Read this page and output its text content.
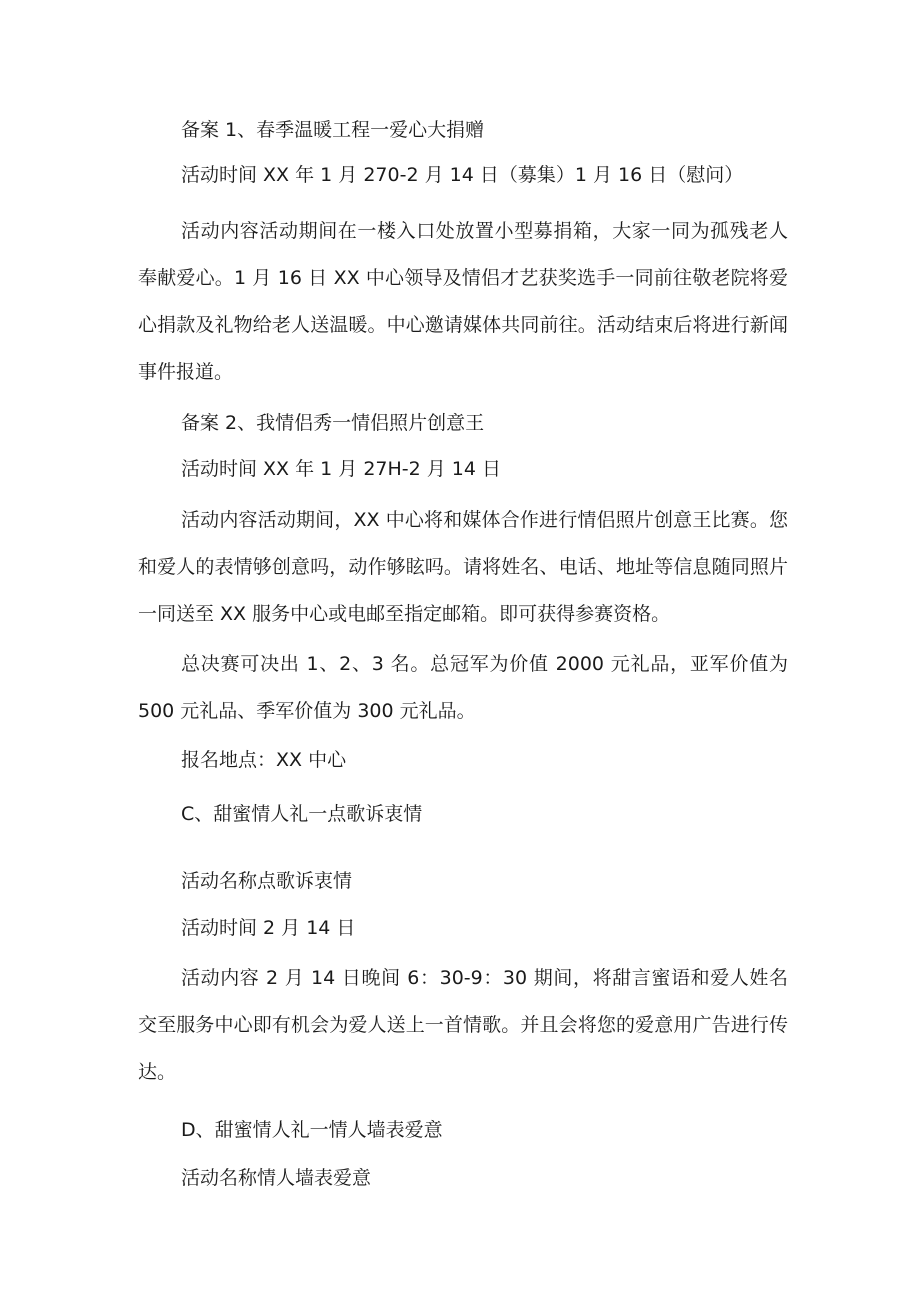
备案 1、春季温暖工程一爱心大捐赠

活动时间 XX 年 1 月 270-2 月 14 日（募集）1 月 16 日（慰问）

活动内容活动期间在一楼入口处放置小型募捐箱，大家一同为孤残老人奉献爱心。1 月 16 日 XX 中心领导及情侣才艺获奖选手一同前往敬老院将爱心捐款及礼物给老人送温暖。中心邀请媒体共同前往。活动结束后将进行新闻事件报道。

备案 2、我情侣秀一情侣照片创意王

活动时间 XX 年 1 月 27H-2 月 14 日

活动内容活动期间，XX 中心将和媒体合作进行情侣照片创意王比赛。您和爱人的表情够创意吗，动作够眩吗。请将姓名、电话、地址等信息随同照片一同送至 XX 服务中心或电邮至指定邮箱。即可获得参赛资格。

总决赛可决出 1、2、3 名。总冠军为价值 2000 元礼品，亚军价值为 500 元礼品、季军价值为 300 元礼品。

报名地点：XX 中心

C、甜蜜情人礼一点歌诉衷情

活动名称点歌诉衷情

活动时间 2 月 14 日

活动内容 2 月 14 日晚间 6：30-9：30 期间，将甜言蜜语和爱人姓名交至服务中心即有机会为爱人送上一首情歌。并且会将您的爱意用广告进行传达。

D、甜蜜情人礼一情人墙表爱意

活动名称情人墙表爱意
